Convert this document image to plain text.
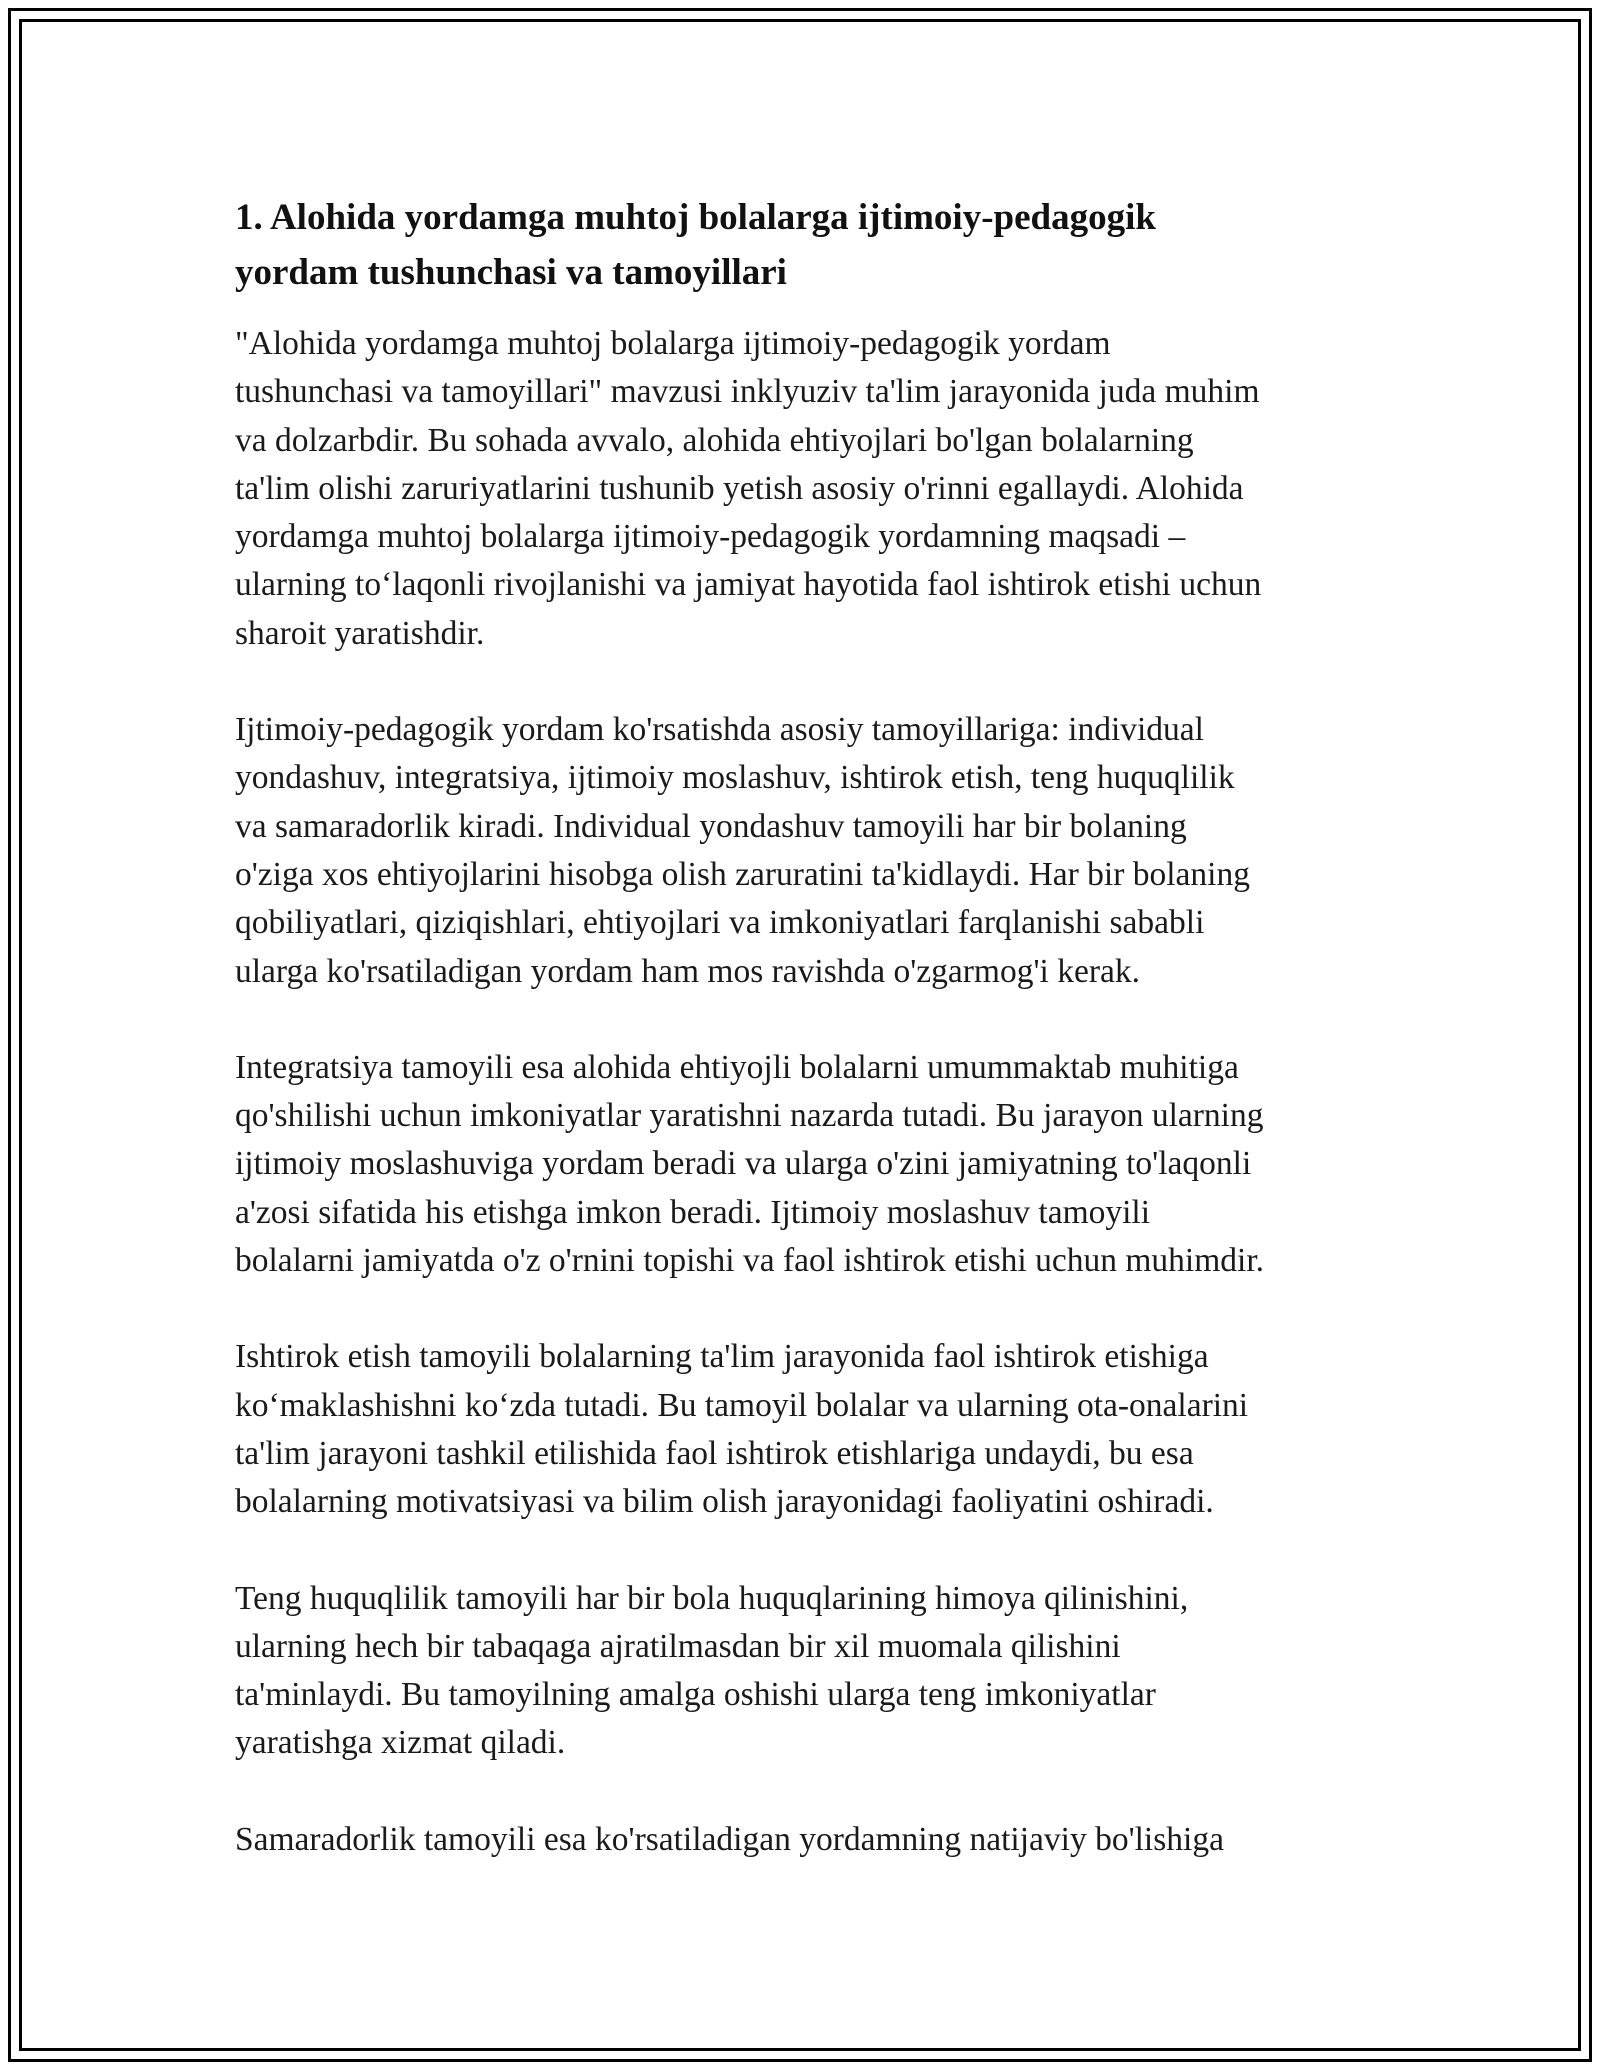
1. Alohida yordamga muhtoj bolalarga ijtimoiy-pedagogik
yordam tushunchasi va tamoyillari

"Alohida yordamga muhtoj bolalarga ijtimoiy-pedagogik yordam
tushunchasi va tamoyillari" mavzusi inklyuziv ta'lim jarayonida juda muhim
va dolzarbdir. Bu sohada avvalo, alohida ehtiyojlari bo'lgan bolalarning
ta'lim olishi zaruriyatlarini tushunib yetish asosiy o'rinni egallaydi. Alohida
yordamga muhtoj bolalarga ijtimoiy-pedagogik yordamning maqsadi –
ularning to‘laqonli rivojlanishi va jamiyat hayotida faol ishtirok etishi uchun
sharoit yaratishdir.

Ijtimoiy-pedagogik yordam ko'rsatishda asosiy tamoyillariga: individual
yondashuv, integratsiya, ijtimoiy moslashuv, ishtirok etish, teng huquqlilik
va samaradorlik kiradi. Individual yondashuv tamoyili har bir bolaning
o'ziga xos ehtiyojlarini hisobga olish zaruratini ta'kidlaydi. Har bir bolaning
qobiliyatlari, qiziqishlari, ehtiyojlari va imkoniyatlari farqlanishi sababli
ularga ko'rsatiladigan yordam ham mos ravishda o'zgarmog'i kerak.

Integratsiya tamoyili esa alohida ehtiyojli bolalarni umummaktab muhitiga
qo'shilishi uchun imkoniyatlar yaratishni nazarda tutadi. Bu jarayon ularning
ijtimoiy moslashuviga yordam beradi va ularga o'zini jamiyatning to'laqonli
a'zosi sifatida his etishga imkon beradi. Ijtimoiy moslashuv tamoyili
bolalarni jamiyatda o'z o'rnini topishi va faol ishtirok etishi uchun muhimdir.

Ishtirok etish tamoyili bolalarning ta'lim jarayonida faol ishtirok etishiga
ko‘maklashishni ko‘zda tutadi. Bu tamoyil bolalar va ularning ota-onalarini
ta'lim jarayoni tashkil etilishida faol ishtirok etishlariga undaydi, bu esa
bolalarning motivatsiyasi va bilim olish jarayonidagi faoliyatini oshiradi.

Teng huquqlilik tamoyili har bir bola huquqlarining himoya qilinishini,
ularning hech bir tabaqaga ajratilmasdan bir xil muomala qilishini
ta'minlaydi. Bu tamoyilning amalga oshishi ularga teng imkoniyatlar
yaratishga xizmat qiladi.

Samaradorlik tamoyili esa ko'rsatiladigan yordamning natijaviy bo'lishiga
